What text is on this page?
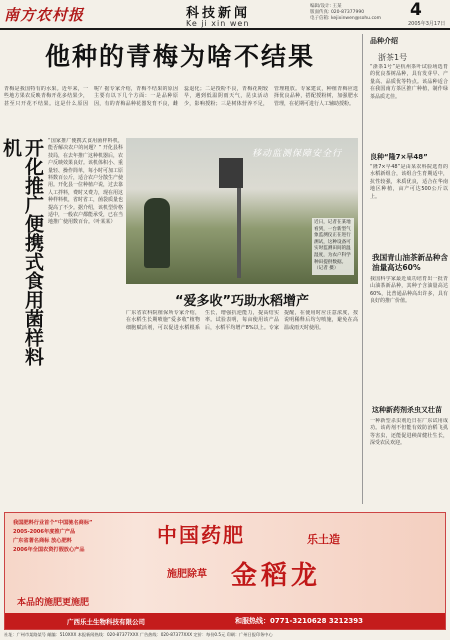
南方农村报	科技新闻
Ke ji xin wen
编辑/设计: 王某
版面传真: 020-87377990
电子信箱: kejixinwen@sohu.com	4
2005年3月17日
他种的青梅为啥不结果
青梅是我国特有的水果。近年来，一些地方果农反映青梅开花多结果少，甚至只开花不结果。这是什么原因呢？据专家介绍，青梅不结果的原因主要有以下几个方面：一是品种原因，有的青梅品种花器发育不良，雌蕊退化；二是授粉不良，青梅花期较早，遇到低温阴雨天气，昆虫活动少，影响授粉；三是树体营养不足，管理粗放。专家建议，种植青梅应选择优良品种，搭配授粉树，加强肥水管理，在花期可进行人工辅助授粉。
开化推广便携式食用菌样料机	“国家推广便携式食用菌样料机，能否解决农户的问题？” 开化县科技局，在去年推广这种机器后，农户反映效果良好。该机体积小、重量轻、操作简单，每小时可加工原料数百公斤，适合农户分散生产使用。开化县一位种植户说，过去靠人工拌料，费时又费力，现在用这种样料机，省时省工，菌袋质量也提高了不少。据介绍，该机型价格适中，一般农户都能承受，已在当地推广使用数百台。（叶某某）
移动监测保障安全行
近日，记者在某地看到，一台新型气象监测仪正在进行测试，这种设备可实时监测田间的温湿度，为农户科学种田提供数据。（记者 摄）
“爱多收”巧助水稻增产
广东省农科院植保所专家介绍，在水稻生长期喷施“爱多收”植物细胞赋活剂，可以促进水稻根系生长，增强抗逆能力，提高结实率。试验表明，每亩使用该产品后，水稻平均增产8%以上。专家提醒，在使用时应注意浓度，按说明稀释后均匀喷施，避免在高温或雨天时使用。
品种介绍
浙茶1号
“浙茶1号”是杭州茶叶试验场选育的优良茶树品种，具有发芽早、产量高、品质优等特点。该品种适合在我国南方茶区推广种植，制作绿茶品质尤佳。
良种“隆7×早48”
“隆7×早48”是由某农科院选育的水稻新组合，该组合生育期适中，抗性较强，米质优良，适合在华南地区种植，亩产可达500公斤以上。
我国青山油茶新品种含油量高达60%
我国科学家最近成功培育出一批青山油茶新品种，其种子含油量高达60%，比普通品种高出许多，具有良好的推广价值。
这种新药剂杀虫又壮苗
一种新型杀虫剂近日在广东试用成功。该药剂不但能有效防治稻飞虱等害虫，还能促进秧苗健壮生长，深受农民欢迎。
我国肥料行业首个“中国驰名商标”
2005-2006年度推广产品
广东省著名商标 放心肥料
2006年全国农资打假放心产品
中国药肥	乐土造
施肥除草 金稻龙
本品的施肥更施肥
广西乐土生物科技有限公司	和服热线：0771-3210628 3212393
社址：广州市某路某号 邮编：510XXX 本报新闻热线：020-87377XXX 广告热线：020-87377XXX 定价：每份0.5元 印刷：广州日报印务中心
